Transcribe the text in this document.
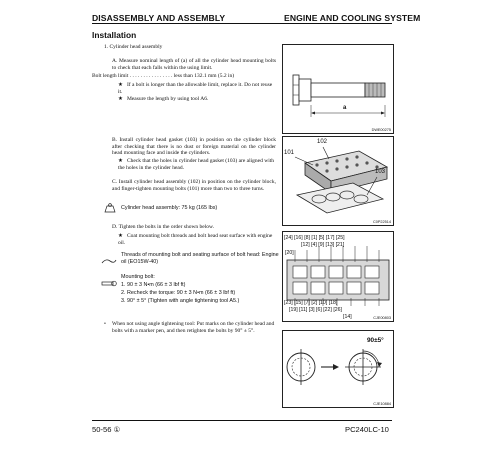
DISASSEMBLY AND ASSEMBLY	ENGINE AND COOLING SYSTEM
Installation
1. Cylinder head assembly
A. Measure nominal length of (a) of all the cylinder head mounting bolts to check that each falls within the using limit.
Bolt length limit . . . . . . . . . . . . . . . . less than 132.1 mm (5.2 in)
★ If a bolt is longer than the allowable limit, replace it. Do not reuse it.
★ Measure the length by using tool A6.
a
DWE00275
B. Install cylinder head gasket (103) in position on the cylinder block after checking that there is no dust or foreign material on the cylinder head mounting face and inside the cylinders.
★ Check that the holes in cylinder head gasket (103) are aligned with the holes in the cylinder head.
C. Install cylinder head assembly (102) in position on the cylinder block, and finger-tighten mounting bolts (101) more than two to three turns.
101
102
103
C0P22514
Cylinder head assembly: 75 kg (165 lbs)
D. Tighten the bolts in the order shown below.
★ Coat mounting bolt threads and bolt head seat surface with engine oil.
Threads of mounting bolt and seating surface of bolt head: Engine oil (EO15W-40)
Mounting bolt:
1. 90 ± 3 N•m (66 ± 3 lbf ft)
2. Recheck the torque: 90 ± 3 N•m (66 ± 3 lbf ft)
3. 90° ± 5° (Tighten with angle tightening tool A5.)
[24] [16] [8] [1] [5] [17] [25]
[12] [4] [9] [13] [21]
[20]
[23] [15] [7] [2] [10] [18]
[19] [11] [3] [6] [22] [26]
[14]	CJE00803
• When not using angle tightening tool: Put marks on the cylinder head and bolts with a marker pen, and then retighten the bolts by 90° ± 5°.
90±5°
CJE10884
50-56 ①	PC240LC-10
